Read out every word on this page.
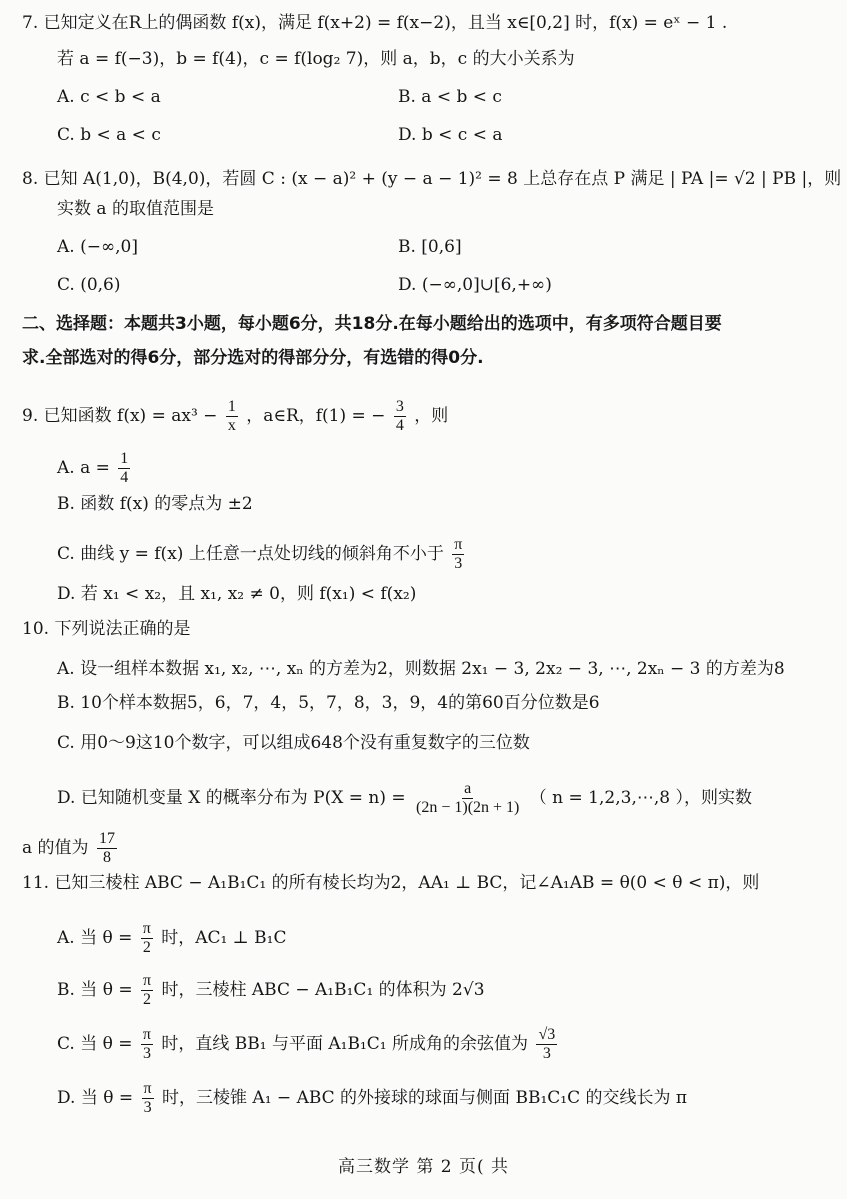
7. 已知定义在R上的偶函数 f(x)，满足 f(x+2) = f(x−2)，且当 x∈[0,2] 时，f(x) = eˣ − 1 .
若 a = f(−3)，b = f(4)，c = f(log₂ 7)，则 a，b，c 的大小关系为
A. c < b < a	B. a < b < c
C. b < a < c	D. b < c < a
8. 已知 A(1,0)，B(4,0)，若圆 C : (x − a)² + (y − a − 1)² = 8 上总存在点 P 满足 | PA |= √2 | PB |，则
实数 a 的取值范围是
A. (−∞,0]	B. [0,6]
C. (0,6)	D. (−∞,0]∪[6,+∞)
二、选择题：本题共3小题，每小题6分，共18分.在每小题给出的选项中，有多项符合题目要
求.全部选对的得6分，部分选对的得部分分，有选错的得0分.
9. 已知函数 $f(x) = ax^3 - \frac{1}{x}$ ，a∈R，f(1) = − $\frac{3}{4}$ ，则
A. $a = \frac{1}{4}$
B. 函数 f(x) 的零点为 ±2
C. 曲线 y = f(x) 上任意一点处切线的倾斜角不小于 $\frac{\pi}{3}$
D. 若 x₁ < x₂，且 x₁, x₂ ≠ 0，则 f(x₁) < f(x₂)
10. 下列说法正确的是
A. 设一组样本数据 x₁, x₂, ⋯, xₙ 的方差为2，则数据 2x₁ − 3, 2x₂ − 3, ⋯, 2xₙ − 3 的方差为8
B. 10个样本数据5，6，7，4，5，7，8，3，9，4的第60百分位数是6
C. 用0～9这10个数字，可以组成648个没有重复数字的三位数
D. 已知随机变量 X 的概率分布为 $P(X = n) = \frac{a}{(2n - 1)(2n + 1)}$ （ n = 1,2,3,⋯,8 ），则实数
a 的值为 $\frac{17}{8}$
11. 已知三棱柱 ABC − A₁B₁C₁ 的所有棱长均为2，AA₁ ⊥ BC，记∠A₁AB = θ(0 < θ < π)，则
A. 当 $\theta = \frac{\pi}{2}$ 时，AC₁ ⊥ B₁C
B. 当 $\theta = \frac{\pi}{2}$ 时，三棱柱 ABC − A₁B₁C₁ 的体积为 2√3
C. 当 $\theta = \frac{\pi}{3}$ 时，直线 BB₁ 与平面 A₁B₁C₁ 所成角的余弦值为 $\frac{√3}{3}$
D. 当 $\theta = \frac{\pi}{3}$ 时，三棱锥 A₁ − ABC 的外接球的球面与侧面 BB₁C₁C 的交线长为 π
高三数学 第 2 页( 共
